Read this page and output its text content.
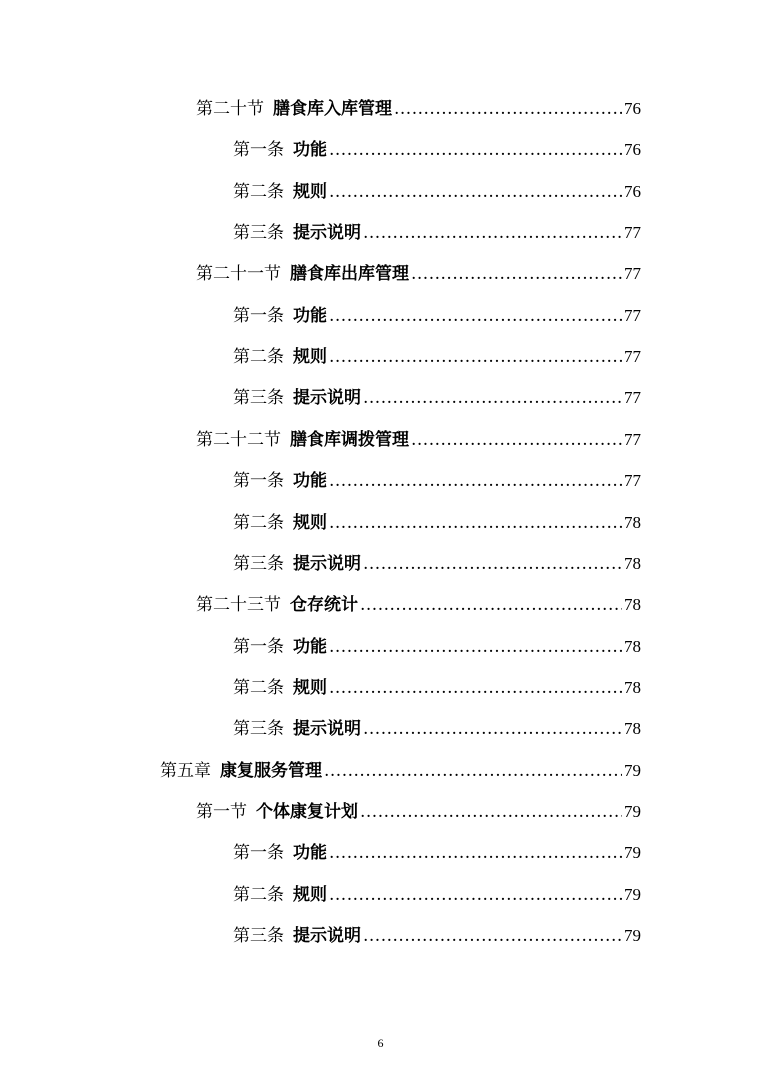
第二十节 膳食库入库管理 .....	76
第一条 功能 .....	76
第二条 规则 .....	76
第三条 提示说明 .....	77
第二十一节 膳食库出库管理 .....	77
第一条 功能 .....	77
第二条 规则 .....	77
第三条 提示说明 .....	77
第二十二节 膳食库调拨管理 .....	77
第一条 功能 .....	77
第二条 规则 .....	78
第三条 提示说明 .....	78
第二十三节 仓存统计 .....	78
第一条 功能 .....	78
第二条 规则 .....	78
第三条 提示说明 .....	78
第五章 康复服务管理 .....	79
第一节 个体康复计划 .....	79
第一条 功能 .....	79
第二条 规则 .....	79
第三条 提示说明 .....	79
6
